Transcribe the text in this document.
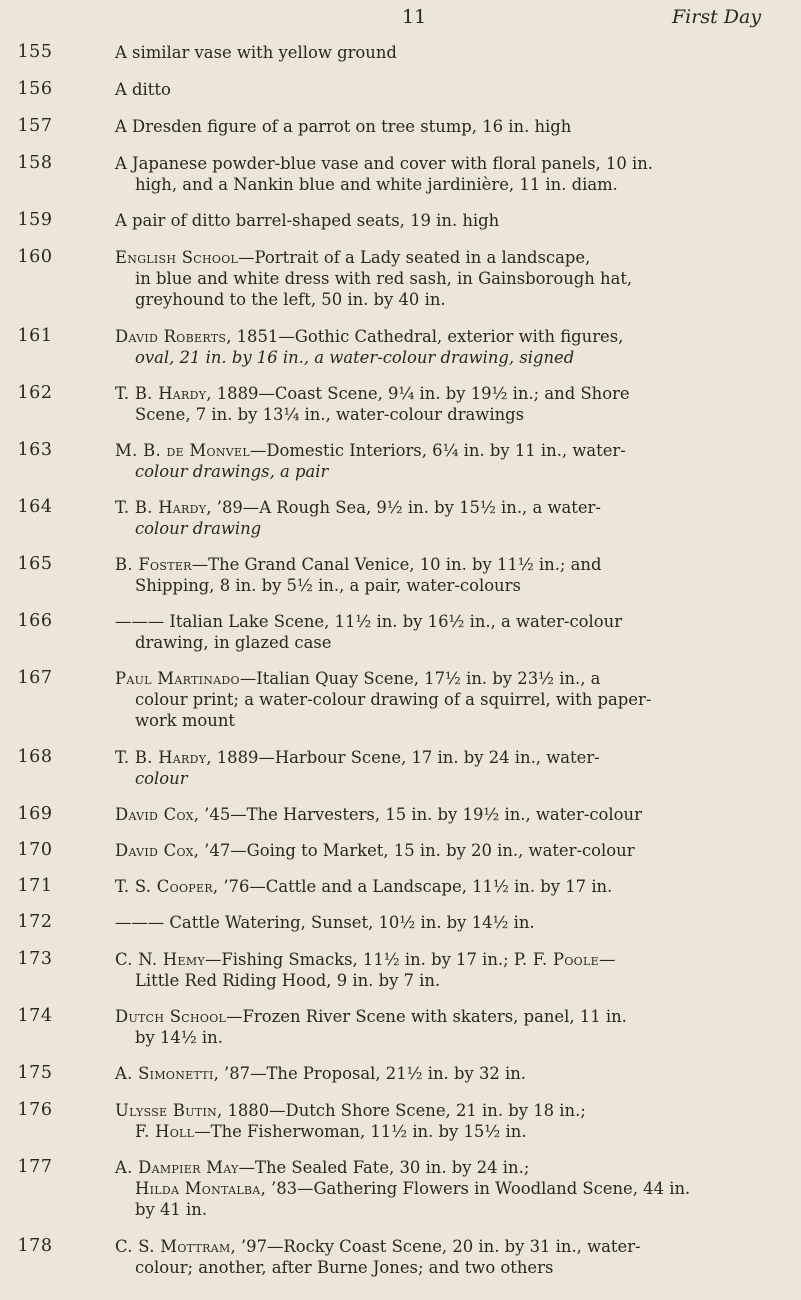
11	First Day
155	A similar vase with yellow ground

156	A ditto

157	A Dresden figure of a parrot on tree stump, 16 in. high

158	A Japanese powder-blue vase and cover with floral panels, 10 in.
high, and a Nankin blue and white jardinière, 11 in. diam.

159	A pair of ditto barrel-shaped seats, 19 in. high

160	English School—Portrait of a Lady seated in a landscape,
in blue and white dress with red sash, in Gainsborough hat,
greyhound to the left, 50 in. by 40 in.

161	David Roberts, 1851—Gothic Cathedral, exterior with figures,
oval, 21 in. by 16 in., a water-colour drawing, signed

162	T. B. Hardy, 1889—Coast Scene, 9¼ in. by 19½ in.; and Shore
Scene, 7 in. by 13¼ in., water-colour drawings

163	M. B. de Monvel—Domestic Interiors, 6¼ in. by 11 in., water-
colour drawings, a pair

164	T. B. Hardy, ’89—A Rough Sea, 9½ in. by 15½ in., a water-
colour drawing

165	B. Foster—The Grand Canal Venice, 10 in. by 11½ in.; and
Shipping, 8 in. by 5½ in., a pair, water-colours

166	——— Italian Lake Scene, 11½ in. by 16½ in., a water-colour
drawing, in glazed case

167	Paul Martinado—Italian Quay Scene, 17½ in. by 23½ in., a
colour print; a water-colour drawing of a squirrel, with paper-
work mount

168	T. B. Hardy, 1889—Harbour Scene, 17 in. by 24 in., water-
colour

169	David Cox, ’45—The Harvesters, 15 in. by 19½ in., water-colour

170	David Cox, ’47—Going to Market, 15 in. by 20 in., water-colour

171	T. S. Cooper, ’76—Cattle and a Landscape, 11½ in. by 17 in.

172	——— Cattle Watering, Sunset, 10½ in. by 14½ in.

173	C. N. Hemy—Fishing Smacks, 11½ in. by 17 in.; P. F. Poole—
Little Red Riding Hood, 9 in. by 7 in.

174	Dutch School—Frozen River Scene with skaters, panel, 11 in.
by 14½ in.

175	A. Simonetti, ’87—The Proposal, 21½ in. by 32 in.

176	Ulysse Butin, 1880—Dutch Shore Scene, 21 in. by 18 in.;
F. Holl—The Fisherwoman, 11½ in. by 15½ in.

177	A. Dampier May—The Sealed Fate, 30 in. by 24 in.;
Hilda Montalba, ’83—Gathering Flowers in Woodland Scene, 44 in.
by 41 in.

178	C. S. Mottram, ’97—Rocky Coast Scene, 20 in. by 31 in., water-
colour; another, after Burne Jones; and two others
